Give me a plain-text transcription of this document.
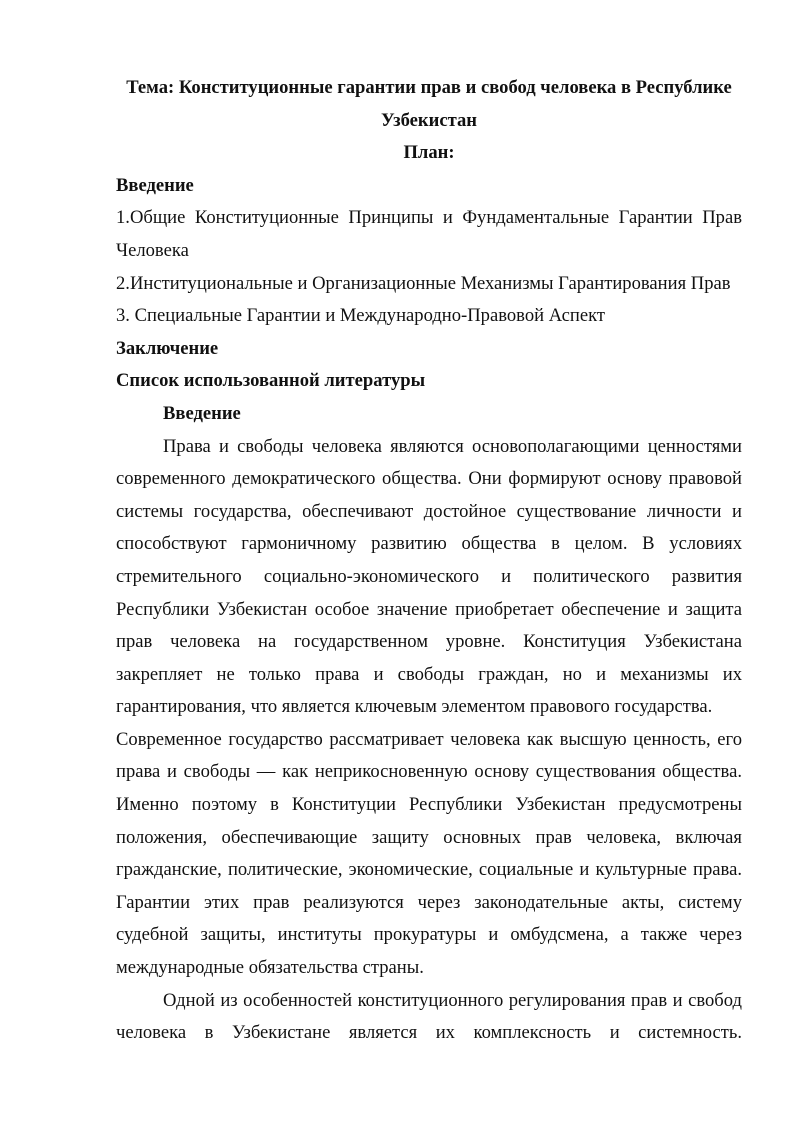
Тема: Конституционные гарантии прав и свобод человека в Республике
Узбекистан
План:
Введение
1.Общие Конституционные Принципы и Фундаментальные Гарантии Прав
Человека
2.Институциональные и Организационные Механизмы Гарантирования Прав
3. Специальные Гарантии и Международно-Правовой Аспект
Заключение
Список использованной литературы
Введение
Права и свободы человека являются основополагающими ценностями
современного демократического общества. Они формируют основу правовой
системы государства, обеспечивают достойное существование личности и
способствуют гармоничному развитию общества в целом. В условиях
стремительного социально-экономического и политического развития
Республики Узбекистан особое значение приобретает обеспечение и защита
прав человека на государственном уровне. Конституция Узбекистана
закрепляет не только права и свободы граждан, но и механизмы их
гарантирования, что является ключевым элементом правового государства.
Современное государство рассматривает человека как высшую ценность, его
права и свободы — как неприкосновенную основу существования общества.
Именно поэтому в Конституции Республики Узбекистан предусмотрены
положения, обеспечивающие защиту основных прав человека, включая
гражданские, политические, экономические, социальные и культурные права.
Гарантии этих прав реализуются через законодательные акты, систему
судебной защиты, институты прокуратуры и омбудсмена, а также через
международные обязательства страны.
Одной из особенностей конституционного регулирования прав и свобод
человека в Узбекистане является их комплексность и системность.
